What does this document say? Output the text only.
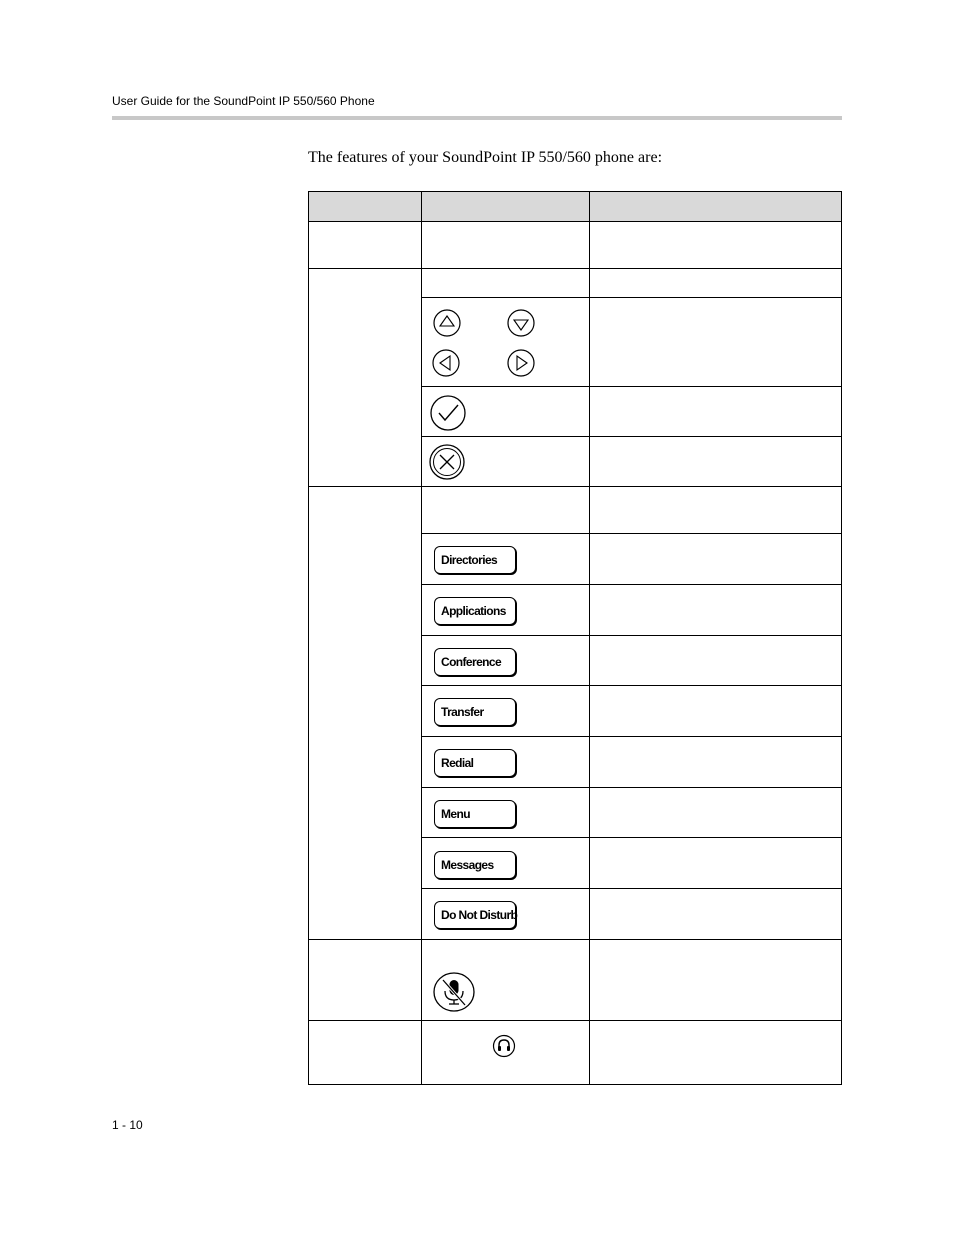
User Guide for the SoundPoint IP 550/560 Phone
The features of your SoundPoint IP 550/560 phone are:
Directories
Applications
Conference
Transfer
Redial
Menu
Messages
Do Not Disturb
1 - 10
